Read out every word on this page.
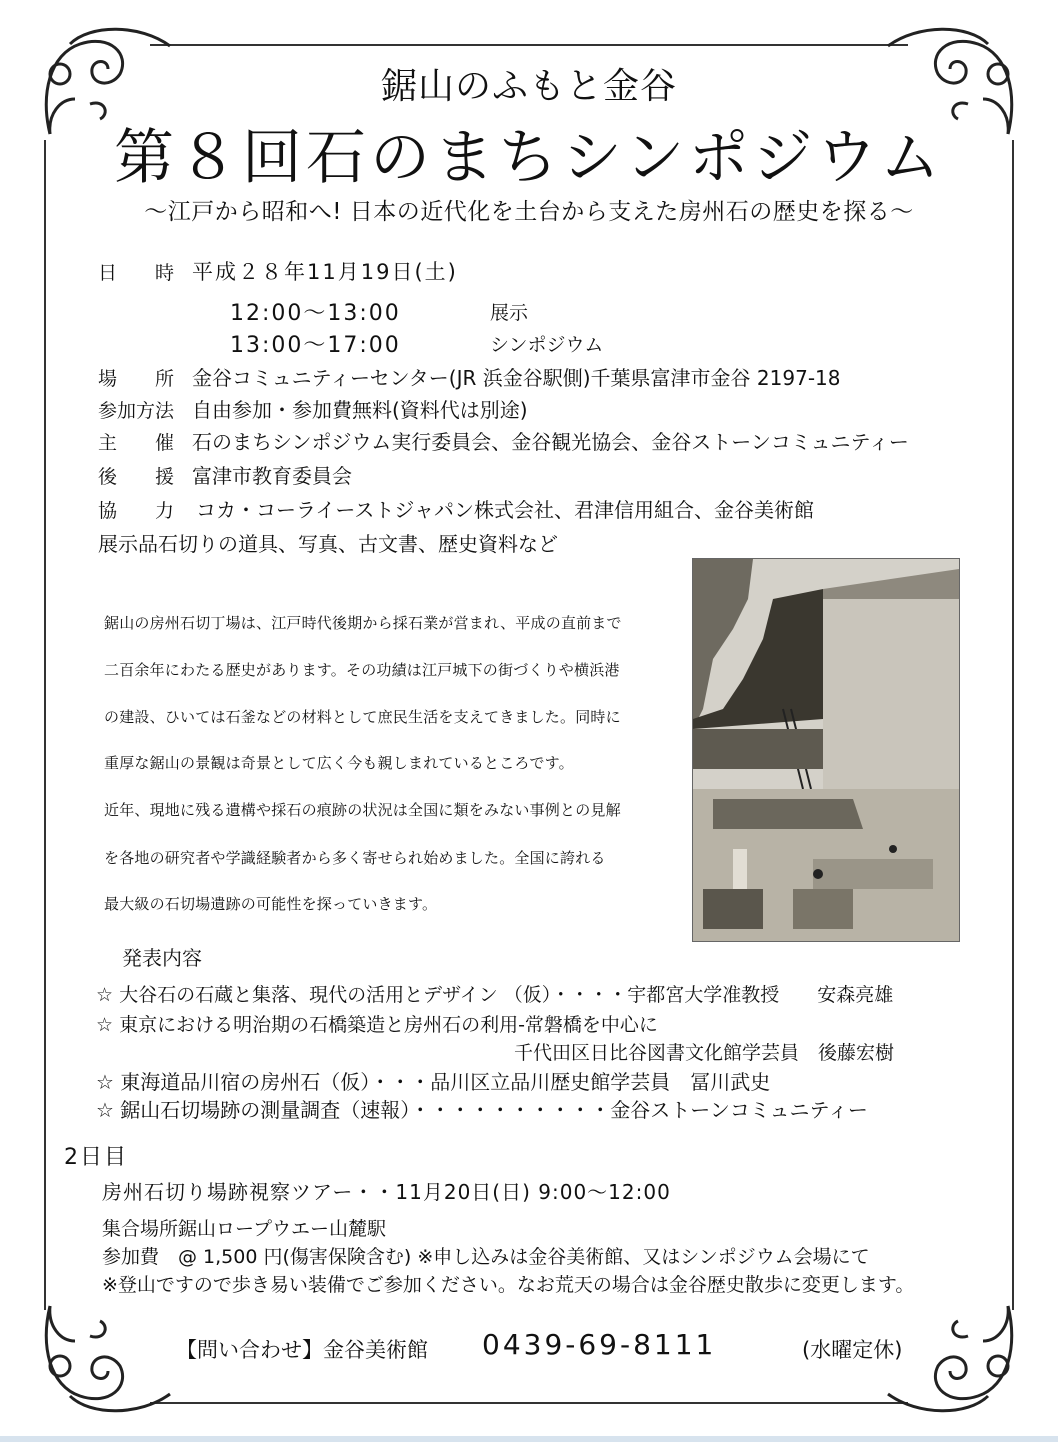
鋸山のふもと金谷
第８回石のまちシンポジウム
〜江戸から昭和へ! 日本の近代化を土台から支えた房州石の歴史を探る〜
日　　時 平成２８年11月19日(土)
12:00〜13:00	展示
13:00〜17:00	シンポジウム
場　　所 金谷コミュニティーセンター(JR 浜金谷駅側)千葉県富津市金谷 2197-18
参加方法 自由参加・参加費無料(資料代は別途)
主　　催 石のまちシンポジウム実行委員会、金谷観光協会、金谷ストーンコミュニティー
後　　援 富津市教育委員会
協　　力 コカ・コーライーストジャパン株式会社、君津信用組合、金谷美術館
展示品石切りの道具、写真、古文書、歴史資料など
鋸山の房州石切丁場は、江戸時代後期から採石業が営まれ、平成の直前まで
二百余年にわたる歴史があります。その功績は江戸城下の街づくりや横浜港
の建設、ひいては石釜などの材料として庶民生活を支えてきました。同時に
重厚な鋸山の景観は奇景として広く今も親しまれているところです。
近年、現地に残る遺構や採石の痕跡の状況は全国に類をみない事例との見解
を各地の研究者や学識経験者から多く寄せられ始めました。全国に誇れる
最大級の石切場遺跡の可能性を探っていきます。
発表内容
☆ 大谷石の石蔵と集落、現代の活用とデザイン （仮）・・・・宇都宮大学准教授　　安森亮雄
☆ 東京における明治期の石橋築造と房州石の利用-常磐橋を中心に
千代田区日比谷図書文化館学芸員　後藤宏樹
☆ 東海道品川宿の房州石（仮）・・・品川区立品川歴史館学芸員　冨川武史
☆ 鋸山石切場跡の測量調査（速報）・・・・・・・・・・金谷ストーンコミュニティー
2日目
房州石切り場跡視察ツアー・・11月20日(日) 9:00〜12:00
集合場所鋸山ロープウエー山麓駅
参加費　@ 1,500 円(傷害保険含む) ※申し込みは金谷美術館、又はシンポジウム会場にて
※登山ですので歩き易い装備でご参加ください。なお荒天の場合は金谷歴史散歩に変更します。
【問い合わせ】金谷美術館 0439-69-8111	(水曜定休)
